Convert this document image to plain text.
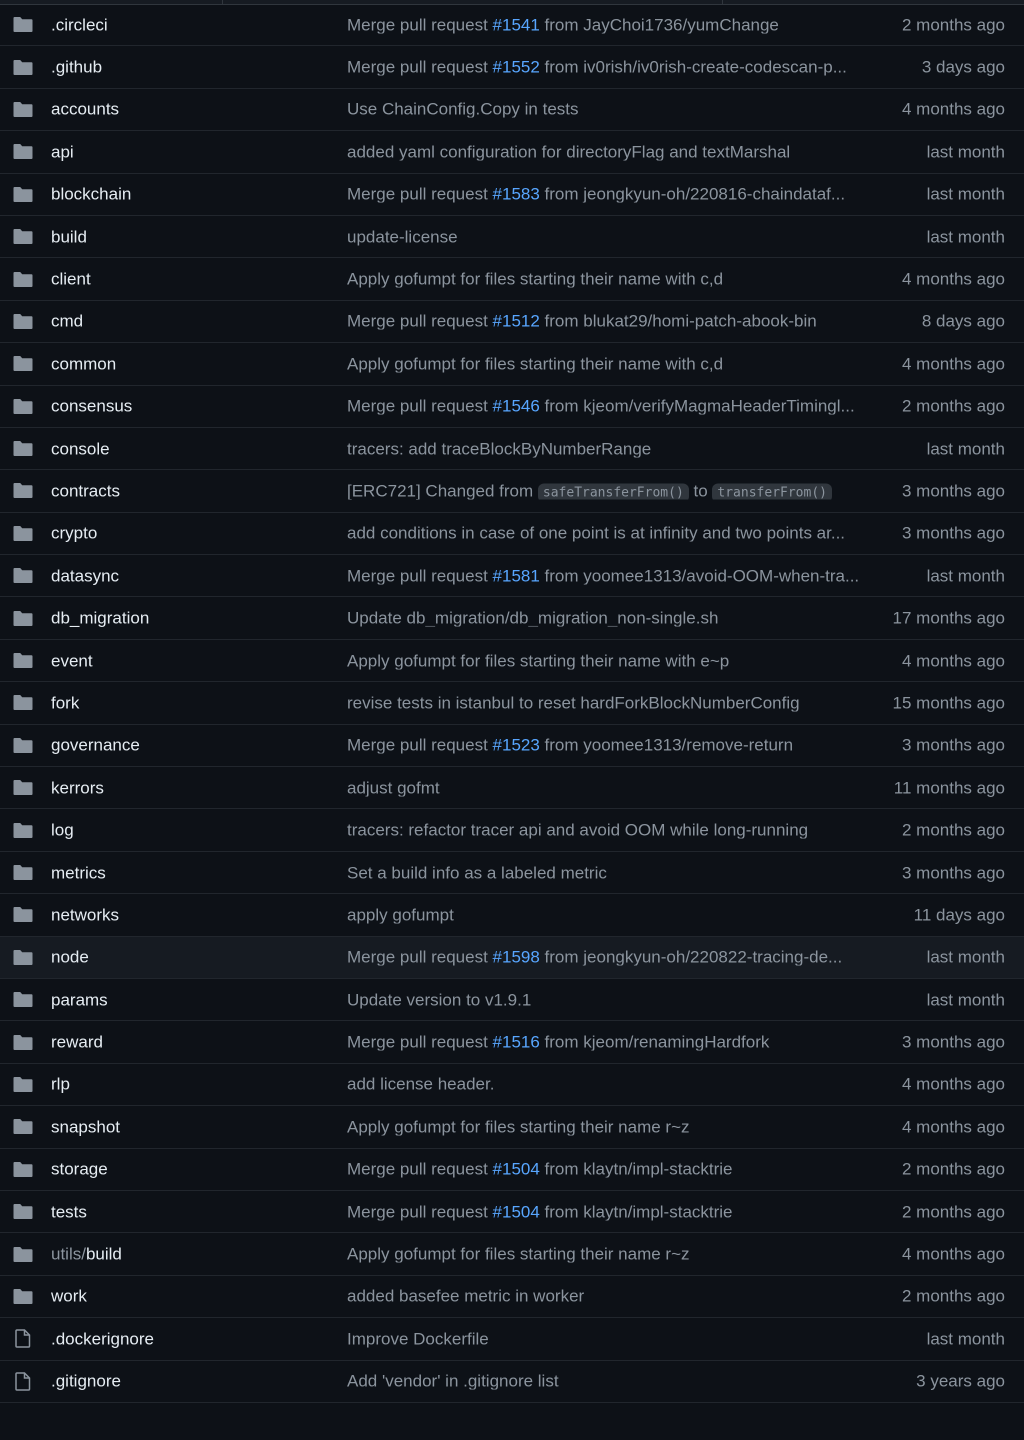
.circleci	Merge pull request #1541 from JayChoi1736/yumChange	2 months ago
.github	Merge pull request #1552 from iv0rish/iv0rish-create-codescan-p...	3 days ago
accounts	Use ChainConfig.Copy in tests	4 months ago
api	added yaml configuration for directoryFlag and textMarshal	last month
blockchain	Merge pull request #1583 from jeongkyun-oh/220816-chaindataf...	last month
build	update-license	last month
client	Apply gofumpt for files starting their name with c,d	4 months ago
cmd	Merge pull request #1512 from blukat29/homi-patch-abook-bin	8 days ago
common	Apply gofumpt for files starting their name with c,d	4 months ago
consensus	Merge pull request #1546 from kjeom/verifyMagmaHeaderTimingl...	2 months ago
console	tracers: add traceBlockByNumberRange	last month
contracts	[ERC721] Changed from safeTransferFrom() to transferFrom()	3 months ago
crypto	add conditions in case of one point is at infinity and two points ar...	3 months ago
datasync	Merge pull request #1581 from yoomee1313/avoid-OOM-when-tra...	last month
db_migration	Update db_migration/db_migration_non-single.sh	17 months ago
event	Apply gofumpt for files starting their name with e~p	4 months ago
fork	revise tests in istanbul to reset hardForkBlockNumberConfig	15 months ago
governance	Merge pull request #1523 from yoomee1313/remove-return	3 months ago
kerrors	adjust gofmt	11 months ago
log	tracers: refactor tracer api and avoid OOM while long-running	2 months ago
metrics	Set a build info as a labeled metric	3 months ago
networks	apply gofumpt	11 days ago
node	Merge pull request #1598 from jeongkyun-oh/220822-tracing-de...	last month
params	Update version to v1.9.1	last month
reward	Merge pull request #1516 from kjeom/renamingHardfork	3 months ago
rlp	add license header.	4 months ago
snapshot	Apply gofumpt for files starting their name r~z	4 months ago
storage	Merge pull request #1504 from klaytn/impl-stacktrie	2 months ago
tests	Merge pull request #1504 from klaytn/impl-stacktrie	2 months ago
utils/build	Apply gofumpt for files starting their name r~z	4 months ago
work	added basefee metric in worker	2 months ago
.dockerignore	Improve Dockerfile	last month
.gitignore	Add 'vendor' in .gitignore list	3 years ago
